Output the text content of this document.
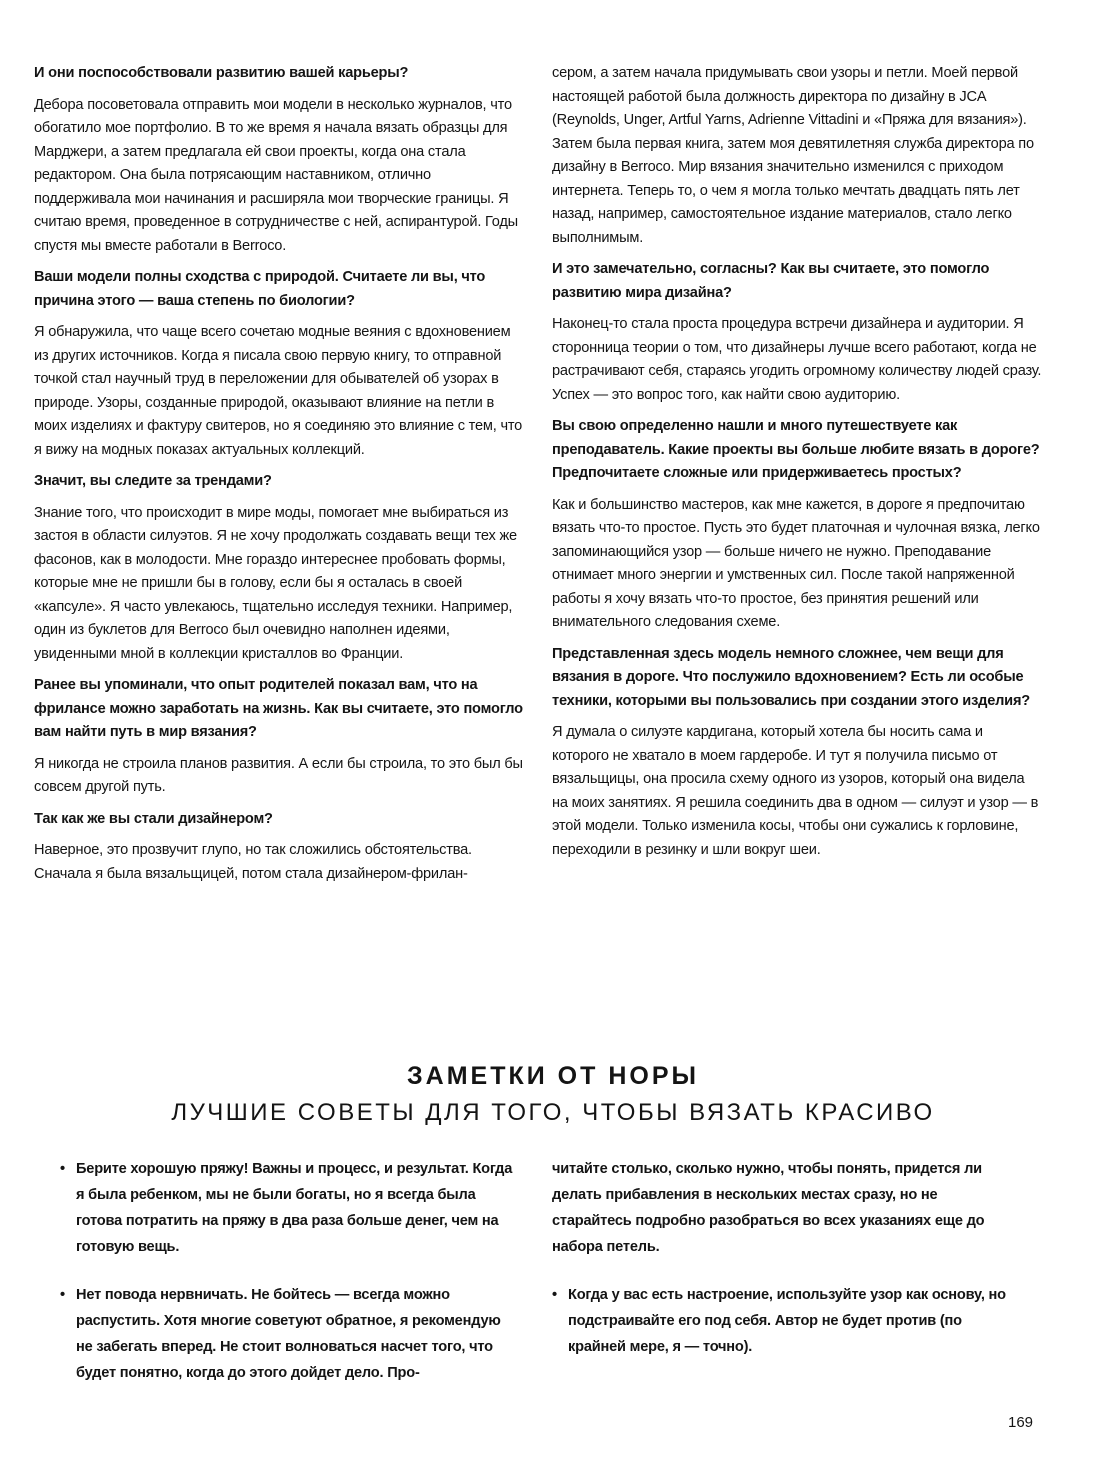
И они поспособствовали развитию вашей карьеры?

Дебора посоветовала отправить мои модели в несколько журналов, что обогатило мое портфолио. В то же время я начала вязать образцы для Марджери, а затем предлагала ей свои проекты, когда она стала редактором. Она была потрясающим наставником, отлично поддерживала мои начинания и расширяла мои творческие границы. Я считаю время, проведенное в сотрудничестве с ней, аспирантурой. Годы спустя мы вместе работали в Berroco.

Ваши модели полны сходства с природой. Считаете ли вы, что причина этого — ваша степень по биологии?

Я обнаружила, что чаще всего сочетаю модные веяния с вдохновением из других источников. Когда я писала свою первую книгу, то отправной точкой стал научный труд в переложении для обывателей об узорах в природе. Узоры, созданные природой, оказывают влияние на петли в моих изделиях и фактуру свитеров, но я соединяю это влияние с тем, что я вижу на модных показах актуальных коллекций.

Значит, вы следите за трендами?

Знание того, что происходит в мире моды, помогает мне выбираться из застоя в области силуэтов. Я не хочу продолжать создавать вещи тех же фасонов, как в молодости. Мне гораздо интереснее пробовать формы, которые мне не пришли бы в голову, если бы я осталась в своей «капсуле». Я часто увлекаюсь, тщательно исследуя техники. Например, один из буклетов для Berroco был очевидно наполнен идеями, увиденными мной в коллекции кристаллов во Франции.

Ранее вы упоминали, что опыт родителей показал вам, что на фрилансе можно заработать на жизнь. Как вы считаете, это помогло вам найти путь в мир вязания?

Я никогда не строила планов развития. А если бы строила, то это был бы совсем другой путь.

Так как же вы стали дизайнером?

Наверное, это прозвучит глупо, но так сложились обстоятельства. Сначала я была вязальщицей, потом стала дизайнером-фрилан-

сером, а затем начала придумывать свои узоры и петли. Моей первой настоящей работой была должность директора по дизайну в JCA (Reynolds, Unger, Artful Yarns, Adrienne Vittadini и «Пряжа для вязания»). Затем была первая книга, затем моя девятилетняя служба директора по дизайну в Berroco. Мир вязания значительно изменился с приходом интернета. Теперь то, о чем я могла только мечтать двадцать пять лет назад, например, самостоятельное издание материалов, стало легко выполнимым.

И это замечательно, согласны? Как вы считаете, это помогло развитию мира дизайна?

Наконец-то стала проста процедура встречи дизайнера и аудитории. Я сторонница теории о том, что дизайнеры лучше всего работают, когда не растрачивают себя, стараясь угодить огромному количеству людей сразу. Успех — это вопрос того, как найти свою аудиторию.

Вы свою определенно нашли и много путешествуете как преподаватель. Какие проекты вы больше любите вязать в дороге? Предпочитаете сложные или придерживаетесь простых?

Как и большинство мастеров, как мне кажется, в дороге я предпочитаю вязать что-то простое. Пусть это будет платочная и чулочная вязка, легко запоминающийся узор — больше ничего не нужно. Преподавание отнимает много энергии и умственных сил. После такой напряженной работы я хочу вязать что-то простое, без принятия решений или внимательного следования схеме.

Представленная здесь модель немного сложнее, чем вещи для вязания в дороге. Что послужило вдохновением? Есть ли особые техники, которыми вы пользовались при создании этого изделия?

Я думала о силуэте кардигана, который хотела бы носить сама и которого не хватало в моем гардеробе. И тут я получила письмо от вязальщицы, она просила схему одного из узоров, который она видела на моих занятиях. Я решила соединить два в одном — силуэт и узор — в этой модели. Только изменила косы, чтобы они сужались к горловине, переходили в резинку и шли вокруг шеи.

ЗАМЕТКИ ОТ НОРЫ
ЛУЧШИЕ СОВЕТЫ ДЛЯ ТОГО, ЧТОБЫ ВЯЗАТЬ КРАСИВО
• Берите хорошую пряжу! Важны и процесс, и результат. Когда я была ребенком, мы не были богаты, но я всегда была готова потратить на пряжу в два раза больше денег, чем на готовую вещь.
• Нет повода нервничать. Не бойтесь — всегда можно распустить. Хотя многие советуют обратное, я рекомендую не забегать вперед. Не стоит волноваться насчет того, что будет понятно, когда до этого дойдет дело. Про-
читайте столько, сколько нужно, чтобы понять, придется ли делать прибавления в нескольких местах сразу, но не старайтесь подробно разобраться во всех указаниях еще до набора петель.
• Когда у вас есть настроение, используйте узор как основу, но подстраивайте его под себя. Автор не будет против (по крайней мере, я — точно).
169
